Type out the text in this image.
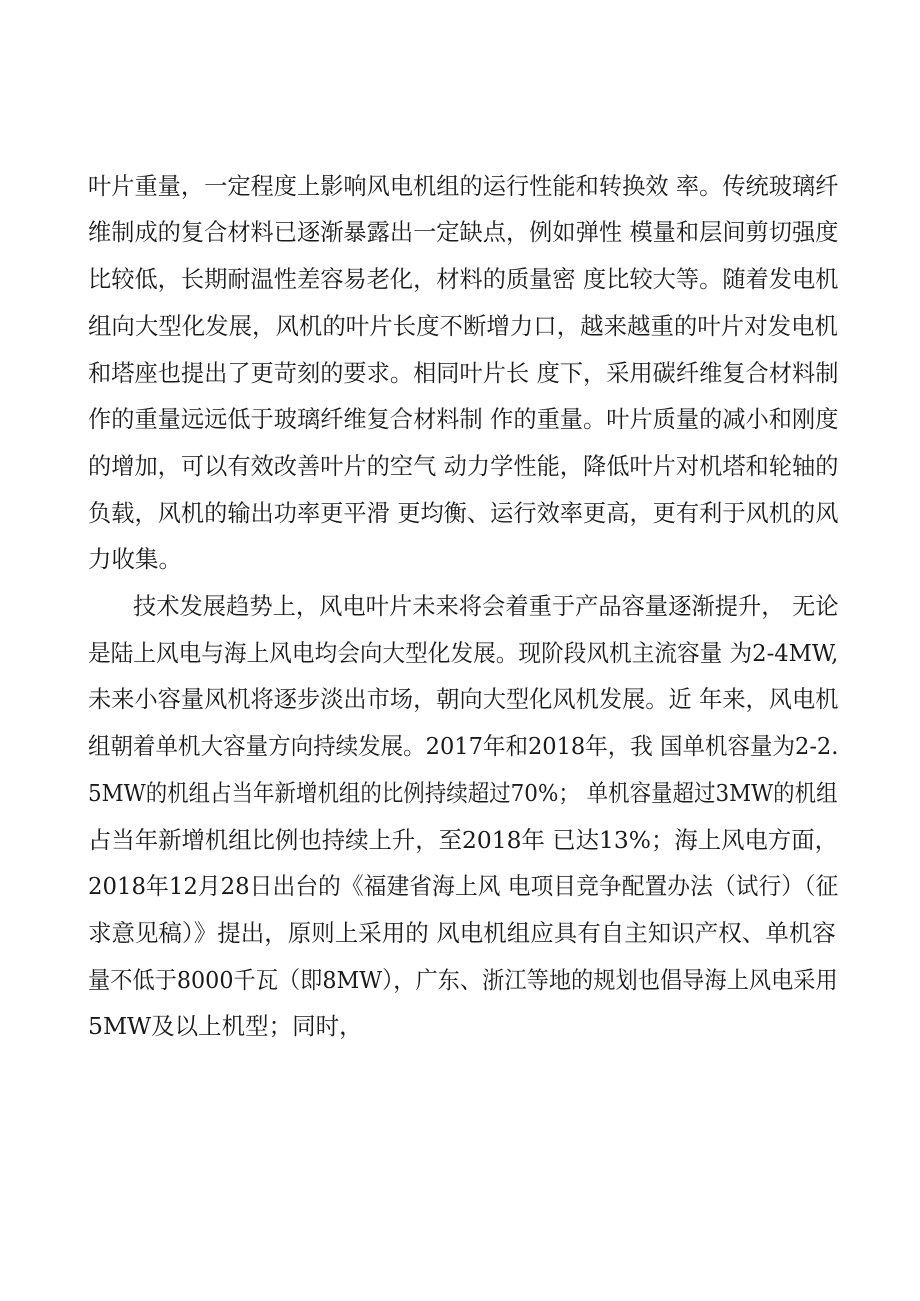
叶片重量，一定程度上影响风电机组的运行性能和转换效 率。传统玻璃纤
维制成的复合材料已逐渐暴露出一定缺点，例如弹性 模量和层间剪切强度
比较低，长期耐温性差容易老化，材料的质量密 度比较大等。随着发电机
组向大型化发展，风机的叶片长度不断增力口，越来越重的叶片对发电机
和塔座也提出了更苛刻的要求。相同叶片长 度下，采用碳纤维复合材料制
作的重量远远低于玻璃纤维复合材料制 作的重量。叶片质量的减小和刚度
的增加，可以有效改善叶片的空气 动力学性能，降低叶片对机塔和轮轴的
负载，风机的输出功率更平滑 更均衡、运行效率更高，更有利于风机的风
力收集。
技术发展趋势上，风电叶片未来将会着重于产品容量逐渐提升， 无论
是陆上风电与海上风电均会向大型化发展。现阶段风机主流容量 为2-4MW,
未来小容量风机将逐步淡出市场，朝向大型化风机发展。近 年来，风电机
组朝着单机大容量方向持续发展。2017年和2018年，我 国单机容量为2-2.
5MW的机组占当年新增机组的比例持续超过70%； 单机容量超过3MW的机组
占当年新增机组比例也持续上升，至2018年 已达13%；海上风电方面，
2018年12月28日出台的《福建省海上风 电项目竞争配置办法（试行）（征
求意见稿）》提出，原则上采用的 风电机组应具有自主知识产权、单机容
量不低于8000千瓦（即8MW），广东、浙江等地的规划也倡导海上风电采用
5MW及以上机型；同时，
